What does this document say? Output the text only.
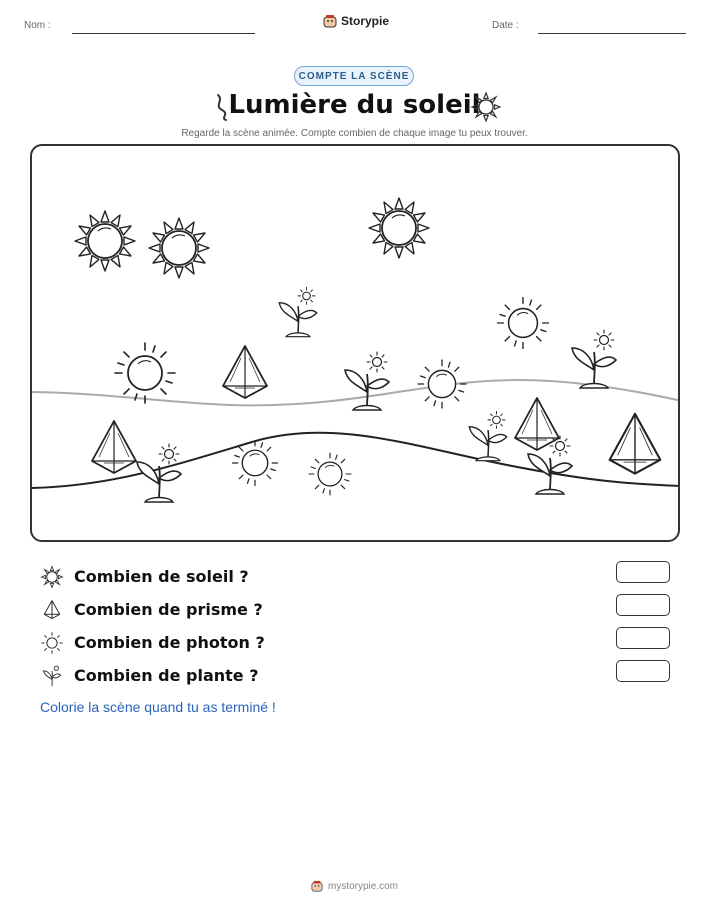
Nom :	Storypie	Date :
COMPTE LA SCÈNE
Lumière du soleil
Regarde la scène animée. Compte combien de chaque image tu peux trouver.
Combien de soleil ?
Combien de prisme ?
Combien de photon ?
Combien de plante ?
Colorie la scène quand tu as terminé !
mystorypie.com
